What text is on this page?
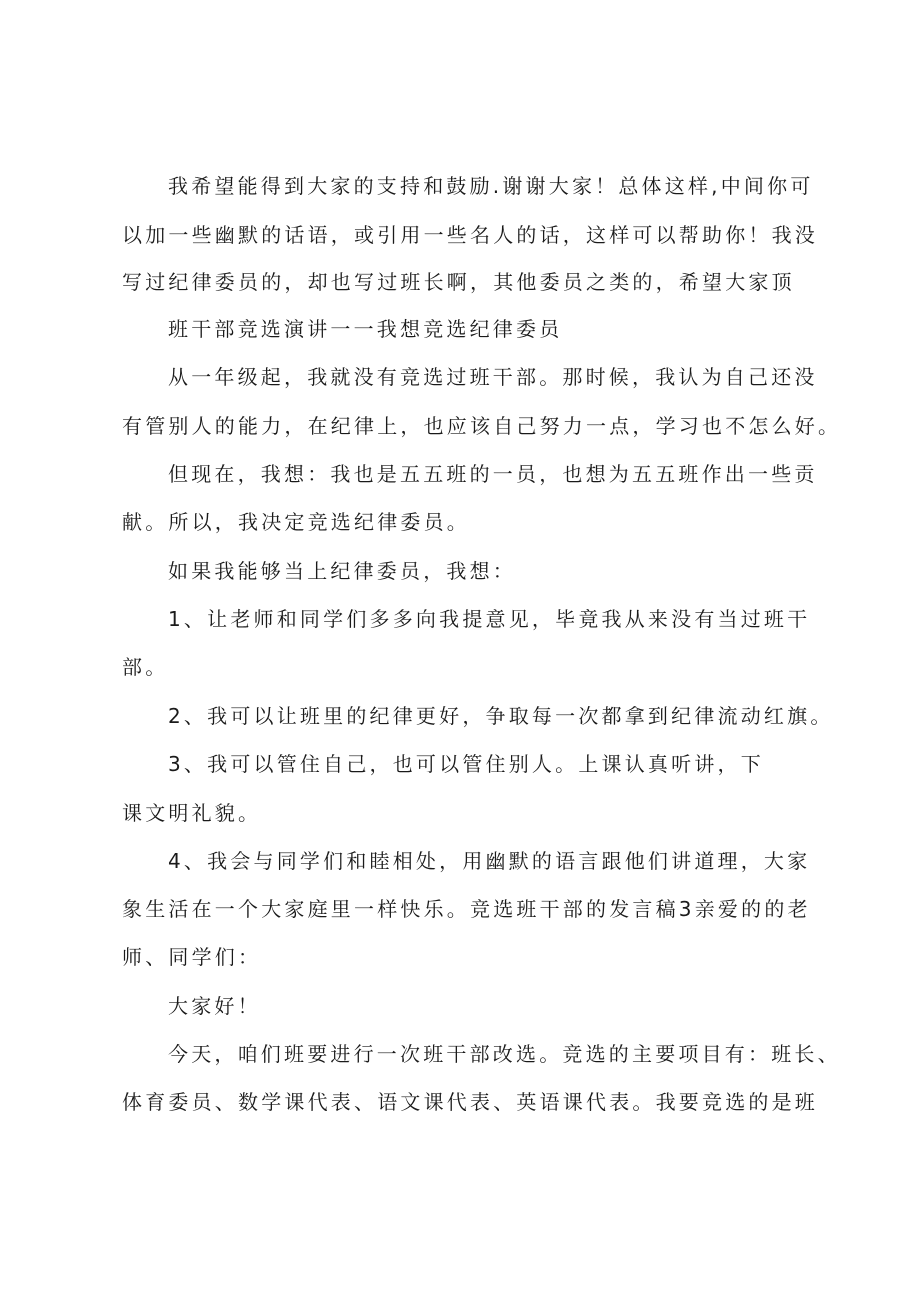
我希望能得到大家的支持和鼓励.谢谢大家！总体这样,中间你可
以加一些幽默的话语，或引用一些名人的话，这样可以帮助你！我没
写过纪律委员的，却也写过班长啊，其他委员之类的，希望大家顶
班干部竞选演讲一一我想竞选纪律委员
从一年级起，我就没有竞选过班干部。那时候，我认为自己还没
有管别人的能力，在纪律上，也应该自己努力一点，学习也不怎么好。
但现在，我想：我也是五五班的一员，也想为五五班作出一些贡
献。所以，我决定竞选纪律委员。
如果我能够当上纪律委员，我想：
1、让老师和同学们多多向我提意见，毕竟我从来没有当过班干
部。
2、我可以让班里的纪律更好，争取每一次都拿到纪律流动红旗。
3、我可以管住自己，也可以管住别人。上课认真听讲，下
课文明礼貌。
4、我会与同学们和睦相处，用幽默的语言跟他们讲道理，大家
象生活在一个大家庭里一样快乐。竞选班干部的发言稿3亲爱的的老
师、同学们：
大家好！
今天，咱们班要进行一次班干部改选。竞选的主要项目有：班长、
体育委员、数学课代表、语文课代表、英语课代表。我要竞选的是班
